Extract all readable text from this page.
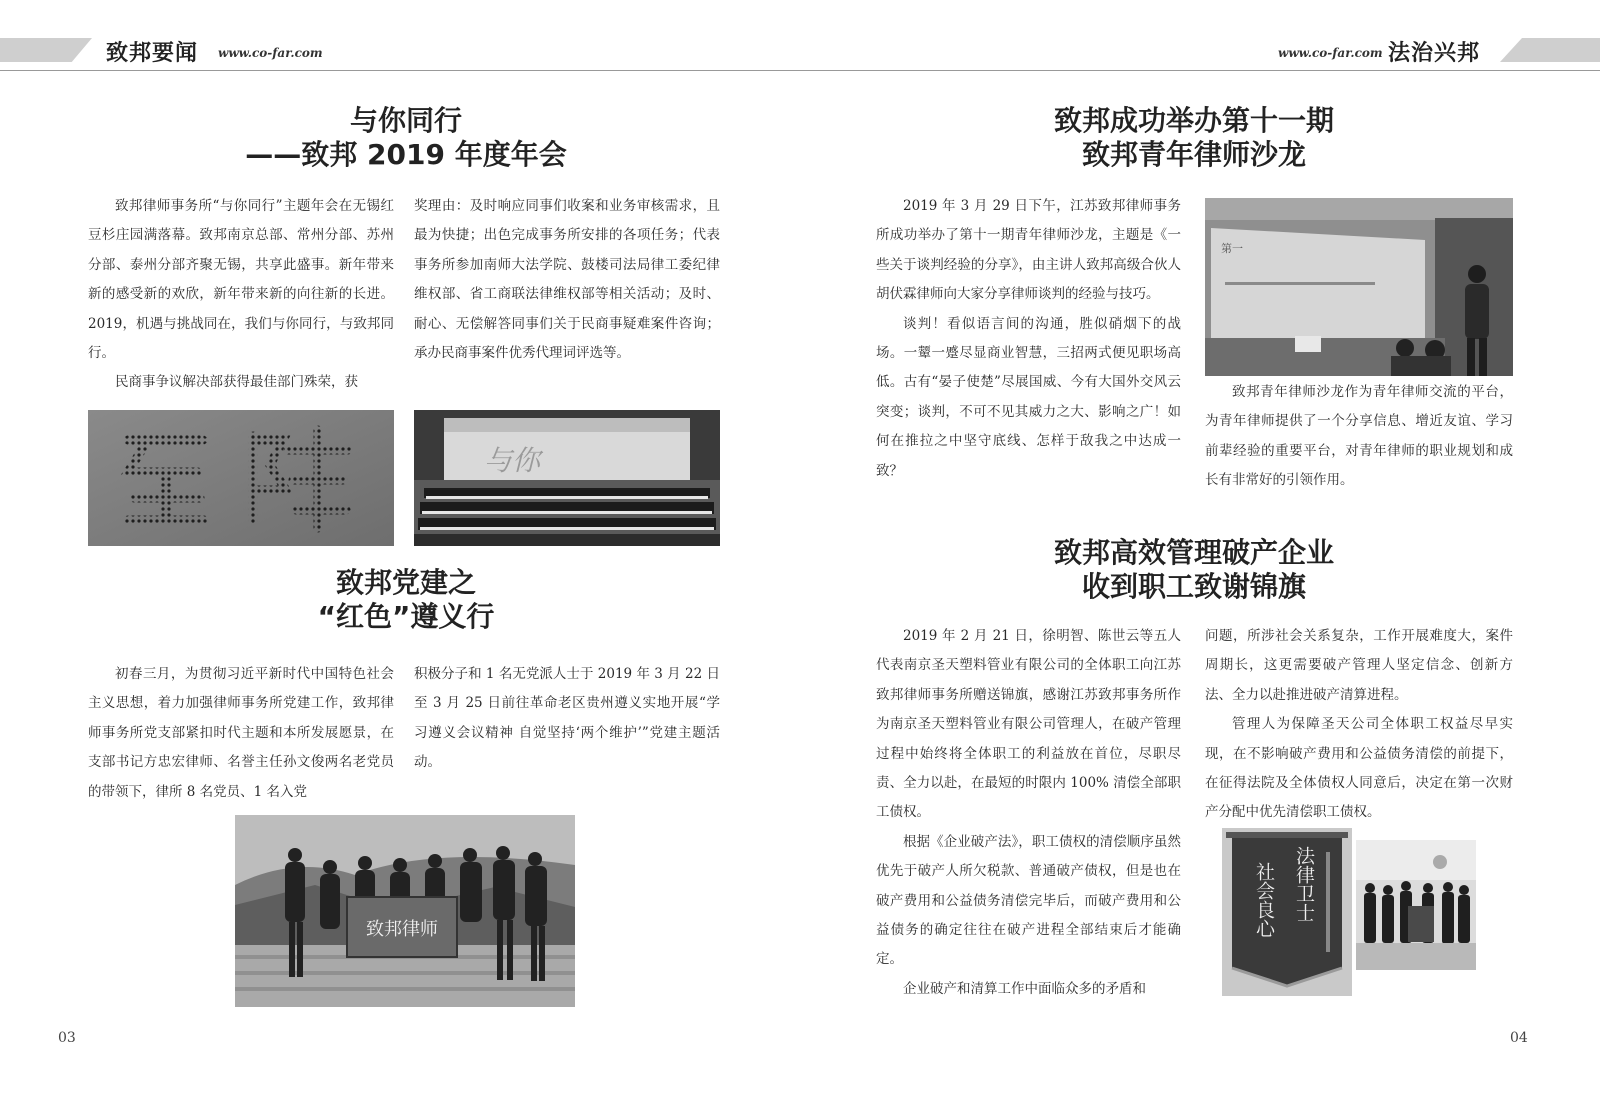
致邦要闻 www.co-far.com	www.co-far.com 法治兴邦
与你同行
——致邦 2019 年度年会

致邦律师事务所“与你同行”主题年会在无锡红豆杉庄园满落幕。致邦南京总部、常州分部、苏州分部、泰州分部齐聚无锡，共享此盛事。新年带来新的感受新的欢欣，新年带来新的向往新的长进。2019，机遇与挑战同在，我们与你同行，与致邦同行。

民商事争议解决部获得最佳部门殊荣，获

奖理由：及时响应同事们收案和业务审核需求，且最为快捷；出色完成事务所安排的各项任务；代表事务所参加南师大法学院、鼓楼司法局律工委纪律维权部、省工商联法律维权部等相关活动；及时、耐心、无偿解答同事们关于民商事疑难案件咨询；承办民商事案件优秀代理词评选等。

与你
致邦党建之
“红色”遵义行

初春三月，为贯彻习近平新时代中国特色社会主义思想，着力加强律师事务所党建工作，致邦律师事务所党支部紧扣时代主题和本所发展愿景，在支部书记方忠宏律师、名誉主任孙文俊两名老党员的带领下，律所 8 名党员、1 名入党

积极分子和 1 名无党派人士于 2019 年 3 月 22 日至 3 月 25 日前往革命老区贵州遵义实地开展“学习遵义会议精神 自觉坚持‘两个维护’”党建主题活动。

致邦律师
03
致邦成功举办第十一期
致邦青年律师沙龙

2019 年 3 月 29 日下午，江苏致邦律师事务所成功举办了第十一期青年律师沙龙，主题是《一些关于谈判经验的分享》，由主讲人致邦高级合伙人胡伏霖律师向大家分享律师谈判的经验与技巧。

谈判！看似语言间的沟通，胜似硝烟下的战场。一颦一蹙尽显商业智慧，三招两式便见职场高低。古有“晏子使楚”尽展国威、今有大国外交风云突变；谈判，不可不见其威力之大、影响之广！如何在推拉之中坚守底线、怎样于敌我之中达成一致？

第一

致邦青年律师沙龙作为青年律师交流的平台，为青年律师提供了一个分享信息、增近友谊、学习前辈经验的重要平台，对青年律师的职业规划和成长有非常好的引领作用。

致邦高效管理破产企业
收到职工致谢锦旗

2019 年 2 月 21 日，徐明智、陈世云等五人代表南京圣天塑料管业有限公司的全体职工向江苏致邦律师事务所赠送锦旗，感谢江苏致邦事务所作为南京圣天塑料管业有限公司管理人，在破产管理过程中始终将全体职工的利益放在首位，尽职尽责、全力以赴，在最短的时限内 100% 清偿全部职工债权。

根据《企业破产法》，职工债权的清偿顺序虽然优先于破产人所欠税款、普通破产债权，但是也在破产费用和公益债务清偿完毕后，而破产费用和公益债务的确定往往在破产进程全部结束后才能确定。

企业破产和清算工作中面临众多的矛盾和

问题，所涉社会关系复杂，工作开展难度大，案件周期长，这更需要破产管理人坚定信念、创新方法、全力以赴推进破产清算进程。

管理人为保障圣天公司全体职工权益尽早实现，在不影响破产费用和公益债务清偿的前提下，在征得法院及全体债权人同意后，决定在第一次财产分配中优先清偿职工债权。

法律卫士
社会良心
04
